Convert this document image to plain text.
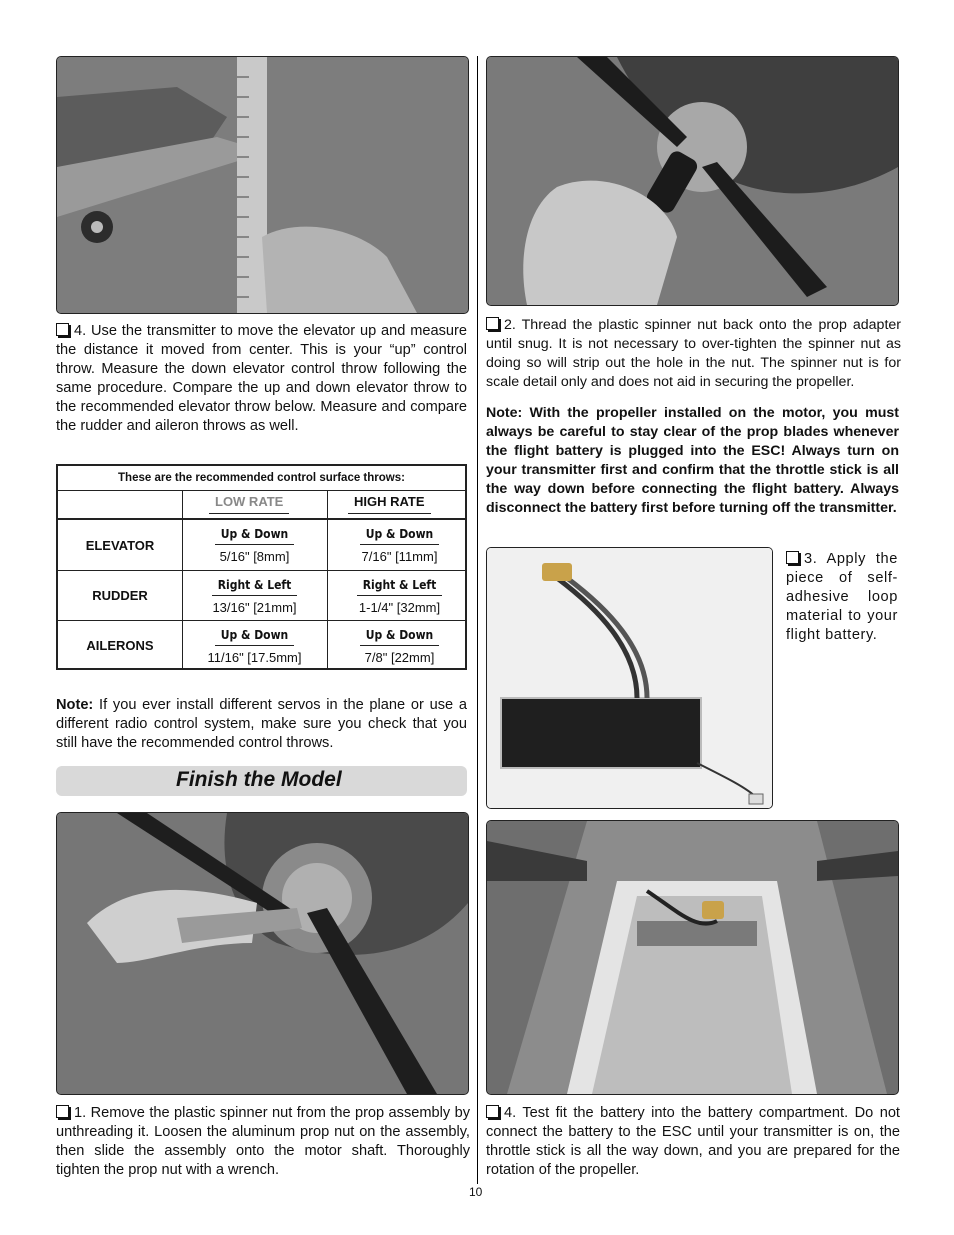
4. Use the transmitter to move the elevator up and measure the distance it moved from center. This is your “up” control throw. Measure the down elevator control throw following the same procedure. Compare the up and down elevator throw to the recommended elevator throw below. Measure and compare the rudder and aileron throws as well.
These are the recommended control surface throws:
LOW RATE	HIGH RATE
ELEVATOR
Up & Down
5/16" [8mm]
Up & Down
7/16" [11mm]
RUDDER
Right & Left
13/16" [21mm]
Right & Left
1-1/4" [32mm]
AILERONS
Up & Down
11/16" [17.5mm]
Up & Down
7/8" [22mm]
Note: If you ever install different servos in the plane or use a different radio control system, make sure you check that you still have the recommended control throws.
Finish the Model
1. Remove the plastic spinner nut from the prop assembly by unthreading it. Loosen the aluminum prop nut on the assembly, then slide the assembly onto the motor shaft. Thoroughly tighten the prop nut with a wrench.
2. Thread the plastic spinner nut back onto the prop adapter until snug. It is not necessary to over-tighten the spinner nut as doing so will strip out the hole in the nut. The spinner nut is for scale detail only and does not aid in securing the propeller.
Note: With the propeller installed on the motor, you must always be careful to stay clear of the prop blades whenever the flight battery is plugged into the ESC! Always turn on your transmitter first and confirm that the throttle stick is all the way down before connecting the flight battery. Always disconnect the battery first before turning off the transmitter.
3. Apply the piece of self-adhesive loop material to your flight battery.
4. Test fit the battery into the battery compartment. Do not connect the battery to the ESC until your transmitter is on, the throttle stick is all the way down, and you are prepared for the rotation of the propeller.
10
